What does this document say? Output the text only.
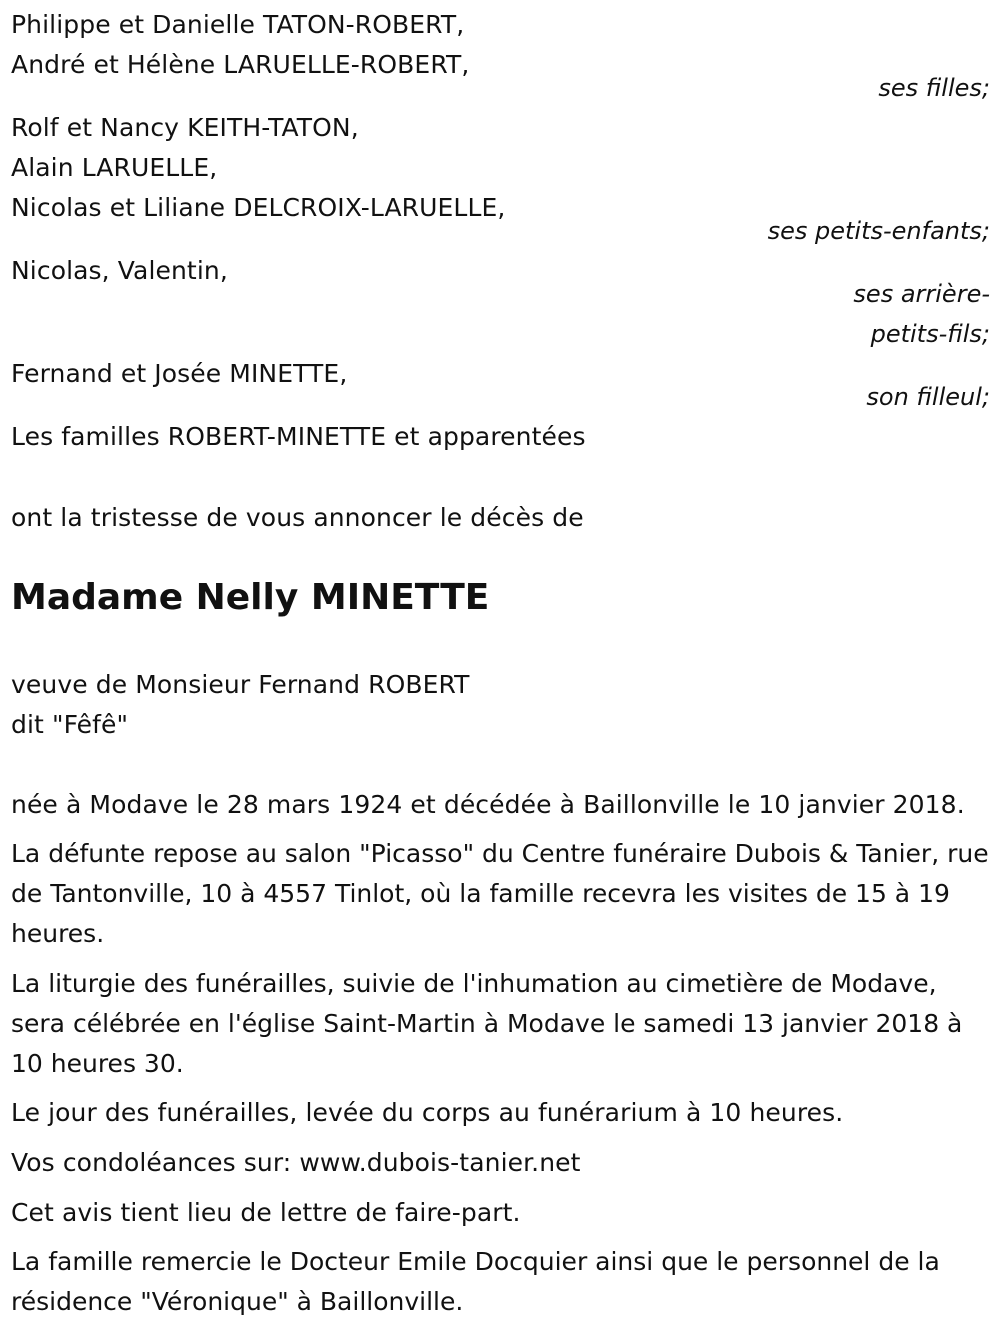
Philippe et Danielle TATON-ROBERT,
André et Hélène LARUELLE-ROBERT,
ses filles;
Rolf et Nancy KEITH-TATON,
Alain LARUELLE,
Nicolas et Liliane DELCROIX-LARUELLE,
ses petits-enfants;
Nicolas, Valentin,
ses arrière-
petits-fils;
Fernand et Josée MINETTE,
son filleul;
Les familles ROBERT-MINETTE et apparentées
ont la tristesse de vous annoncer le décès de
Madame Nelly MINETTE
veuve de Monsieur Fernand ROBERT
dit "Fêfê"
née à Modave le 28 mars 1924 et décédée à Baillonville le 10 janvier 2018.
La défunte repose au salon "Picasso" du Centre funéraire Dubois & Tanier, rue de Tantonville, 10 à 4557 Tinlot, où la famille recevra les visites de 15 à 19 heures.
La liturgie des funérailles, suivie de l'inhumation au cimetière de Modave, sera célébrée en l'église Saint-Martin à Modave le samedi 13 janvier 2018 à 10 heures 30.
Le jour des funérailles, levée du corps au funérarium à 10 heures.
Vos condoléances sur: www.dubois-tanier.net
Cet avis tient lieu de lettre de faire-part.
La famille remercie le Docteur Emile Docquier ainsi que le personnel de la résidence "Véronique" à Baillonville.
